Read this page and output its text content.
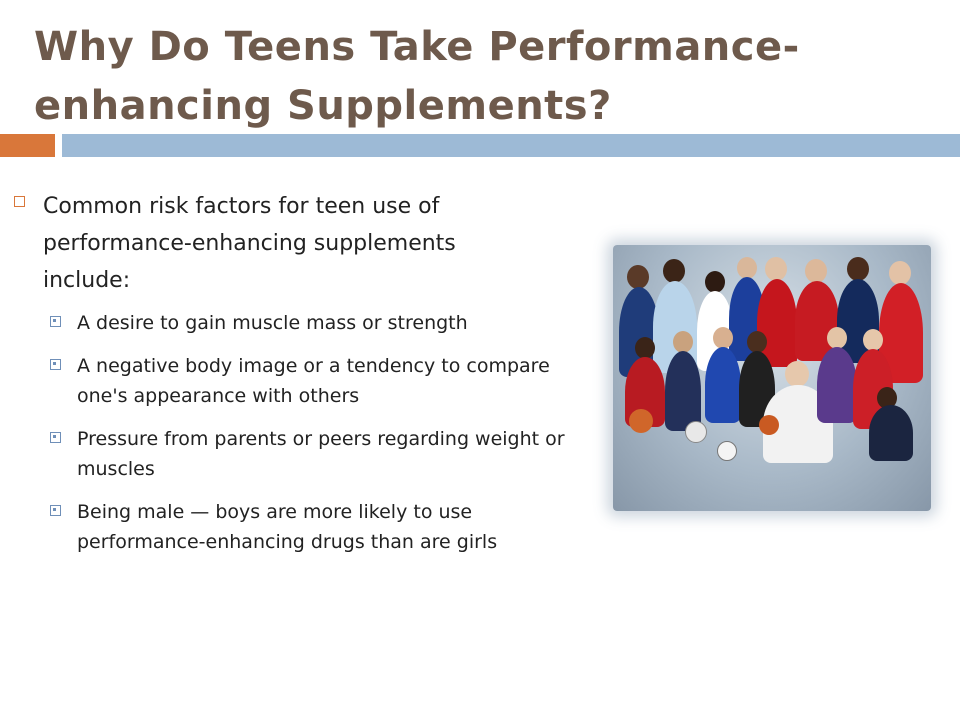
Why Do Teens Take Performance-
enhancing Supplements?
Common risk factors for teen use of performance-enhancing supplements include:
A desire to gain muscle mass or strength
A negative body image or a tendency to compare one's appearance with others
Pressure from parents or peers regarding weight or muscles
Being male — boys are more likely to use performance-enhancing drugs than are girls
